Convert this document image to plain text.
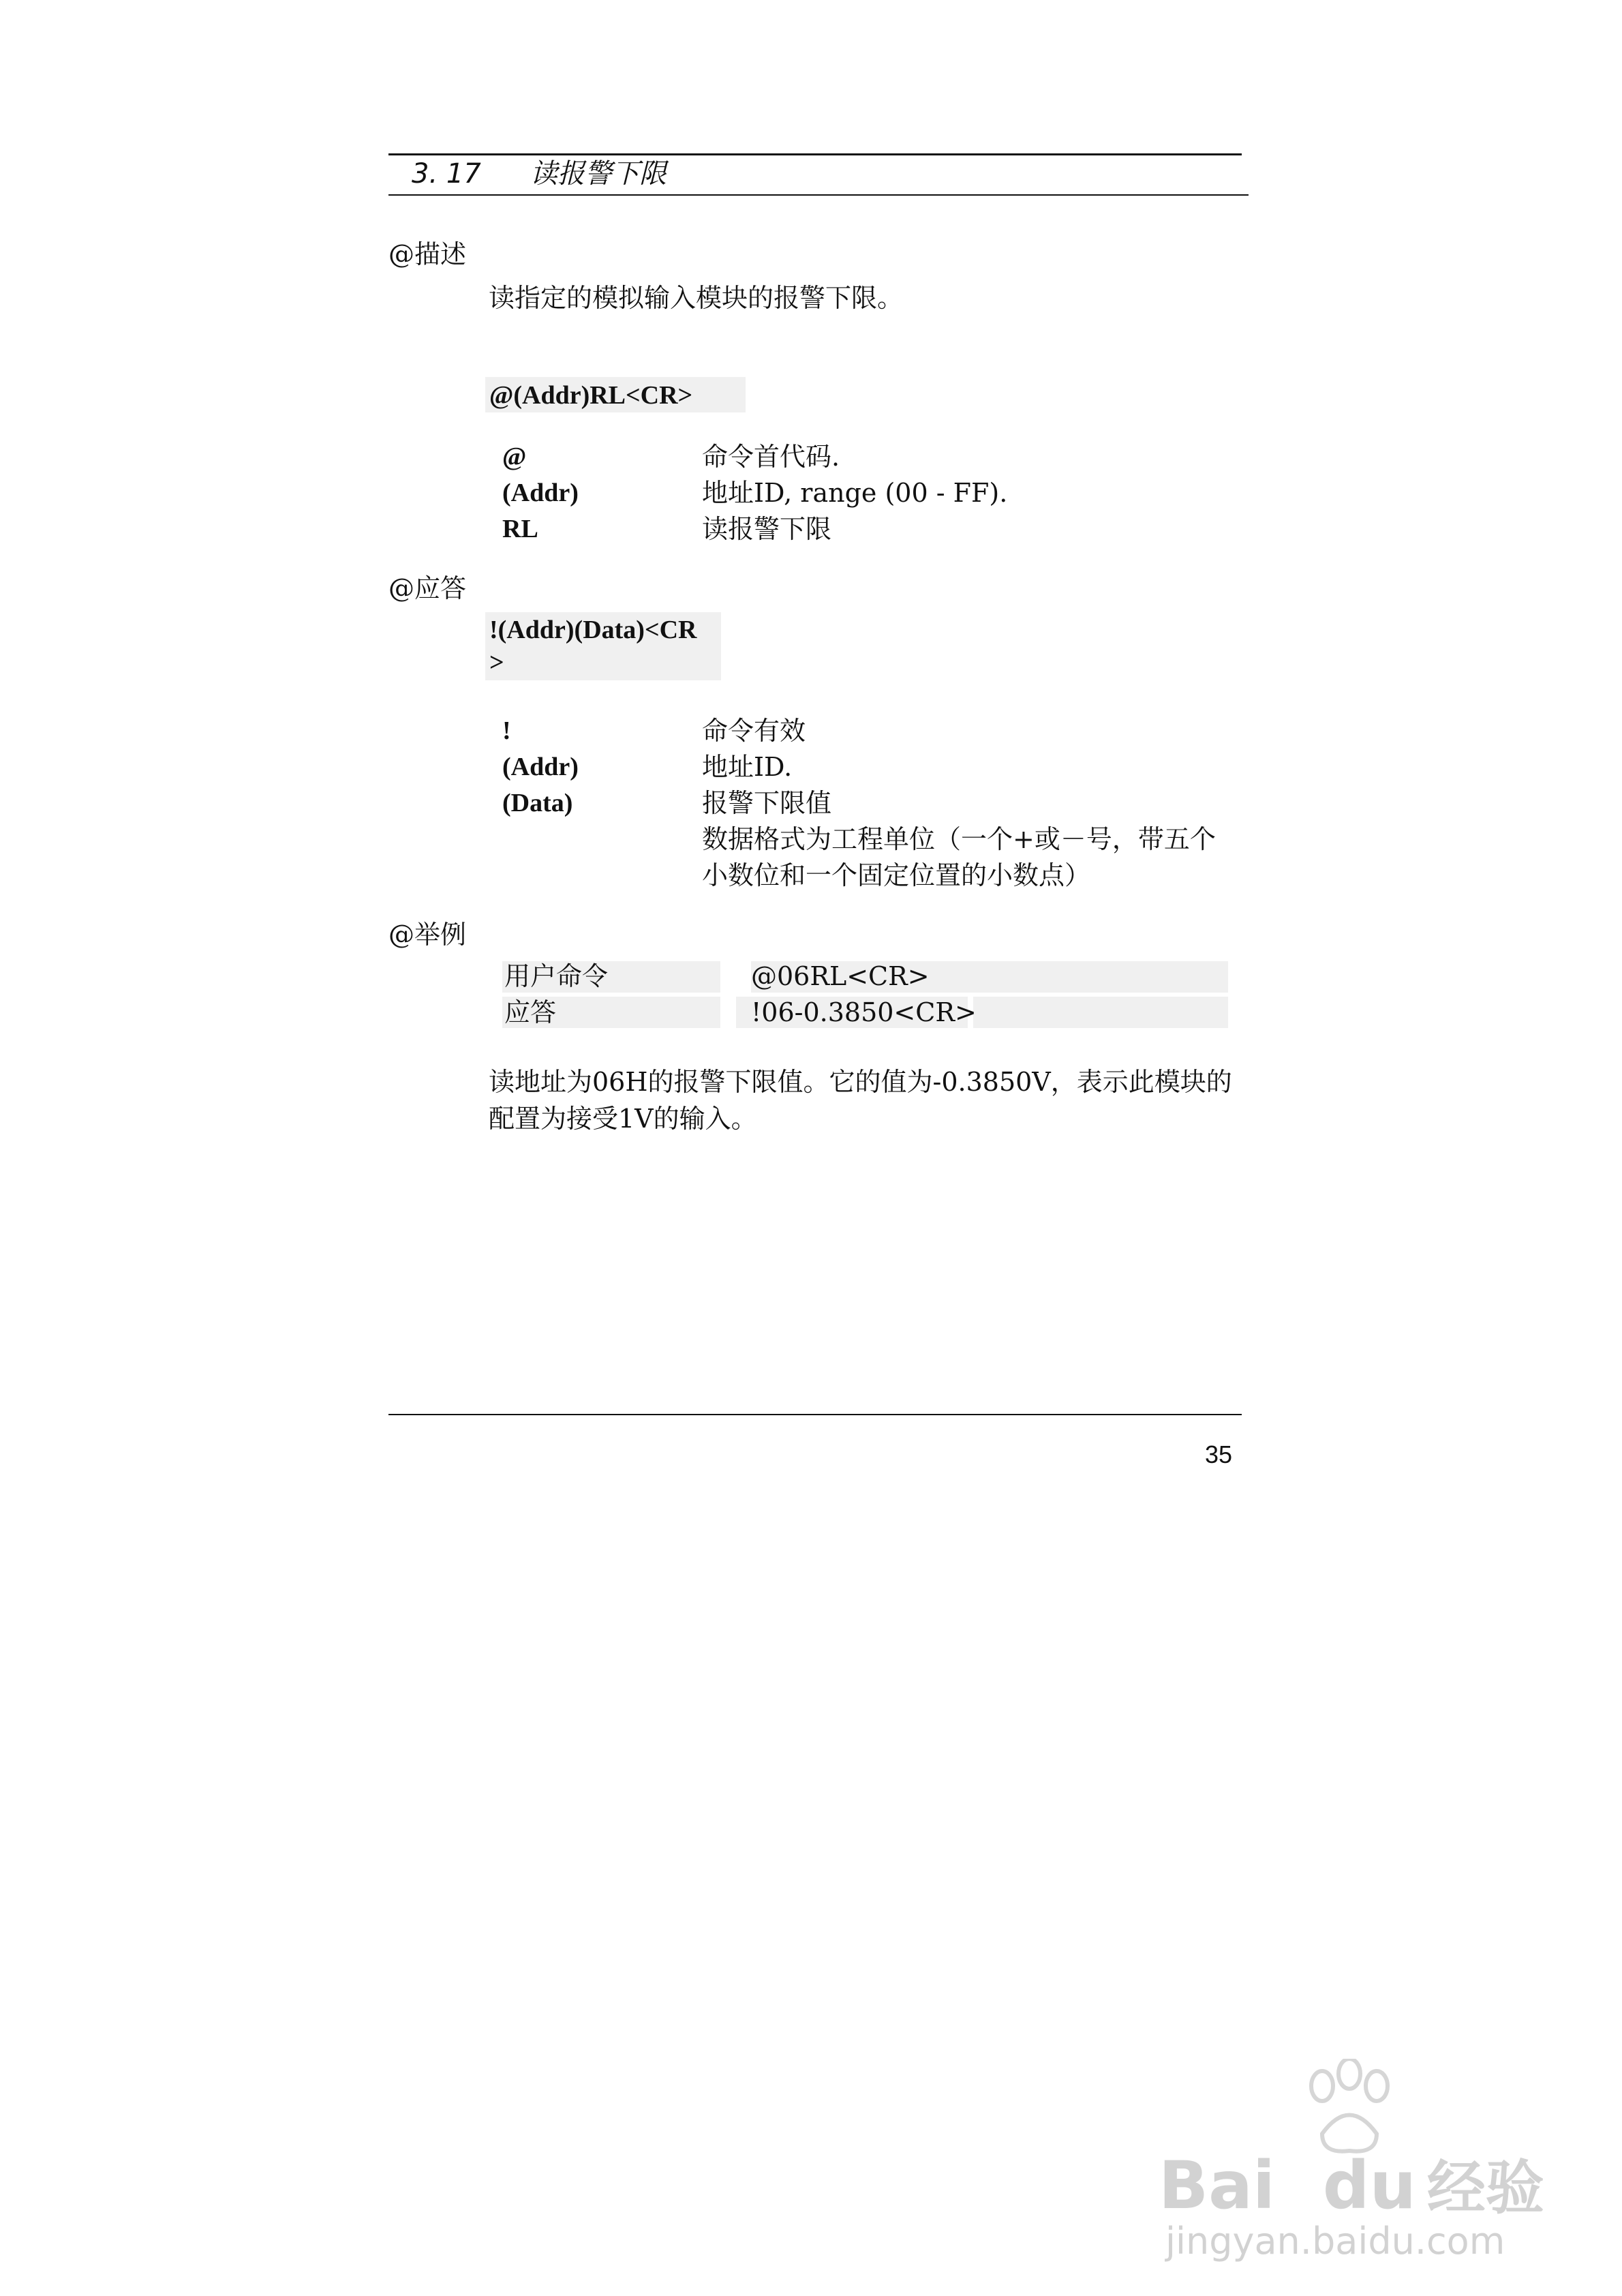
3. 17 读报警下限
@描述
读指定的模拟输入模块的报警下限。
@(Addr)RL<CR>
@	命令首代码.
(Addr)	地址ID, range (00 - FF).
RL	读报警下限
@应答
!(Addr)(Data)<CR
>
!	命令有效
(Addr)	地址ID.
(Data)	报警下限值
数据格式为工程单位（一个+或－号，带五个
小数位和一个固定位置的小数点）
@举例
用户命令	@06RL<CR>
应答	!06-0.3850<CR>
读地址为06H的报警下限值。它的值为-0.3850V，表示此模块的
配置为接受1V的输入。
35
Bai du 经验
jingyan.baidu.com
